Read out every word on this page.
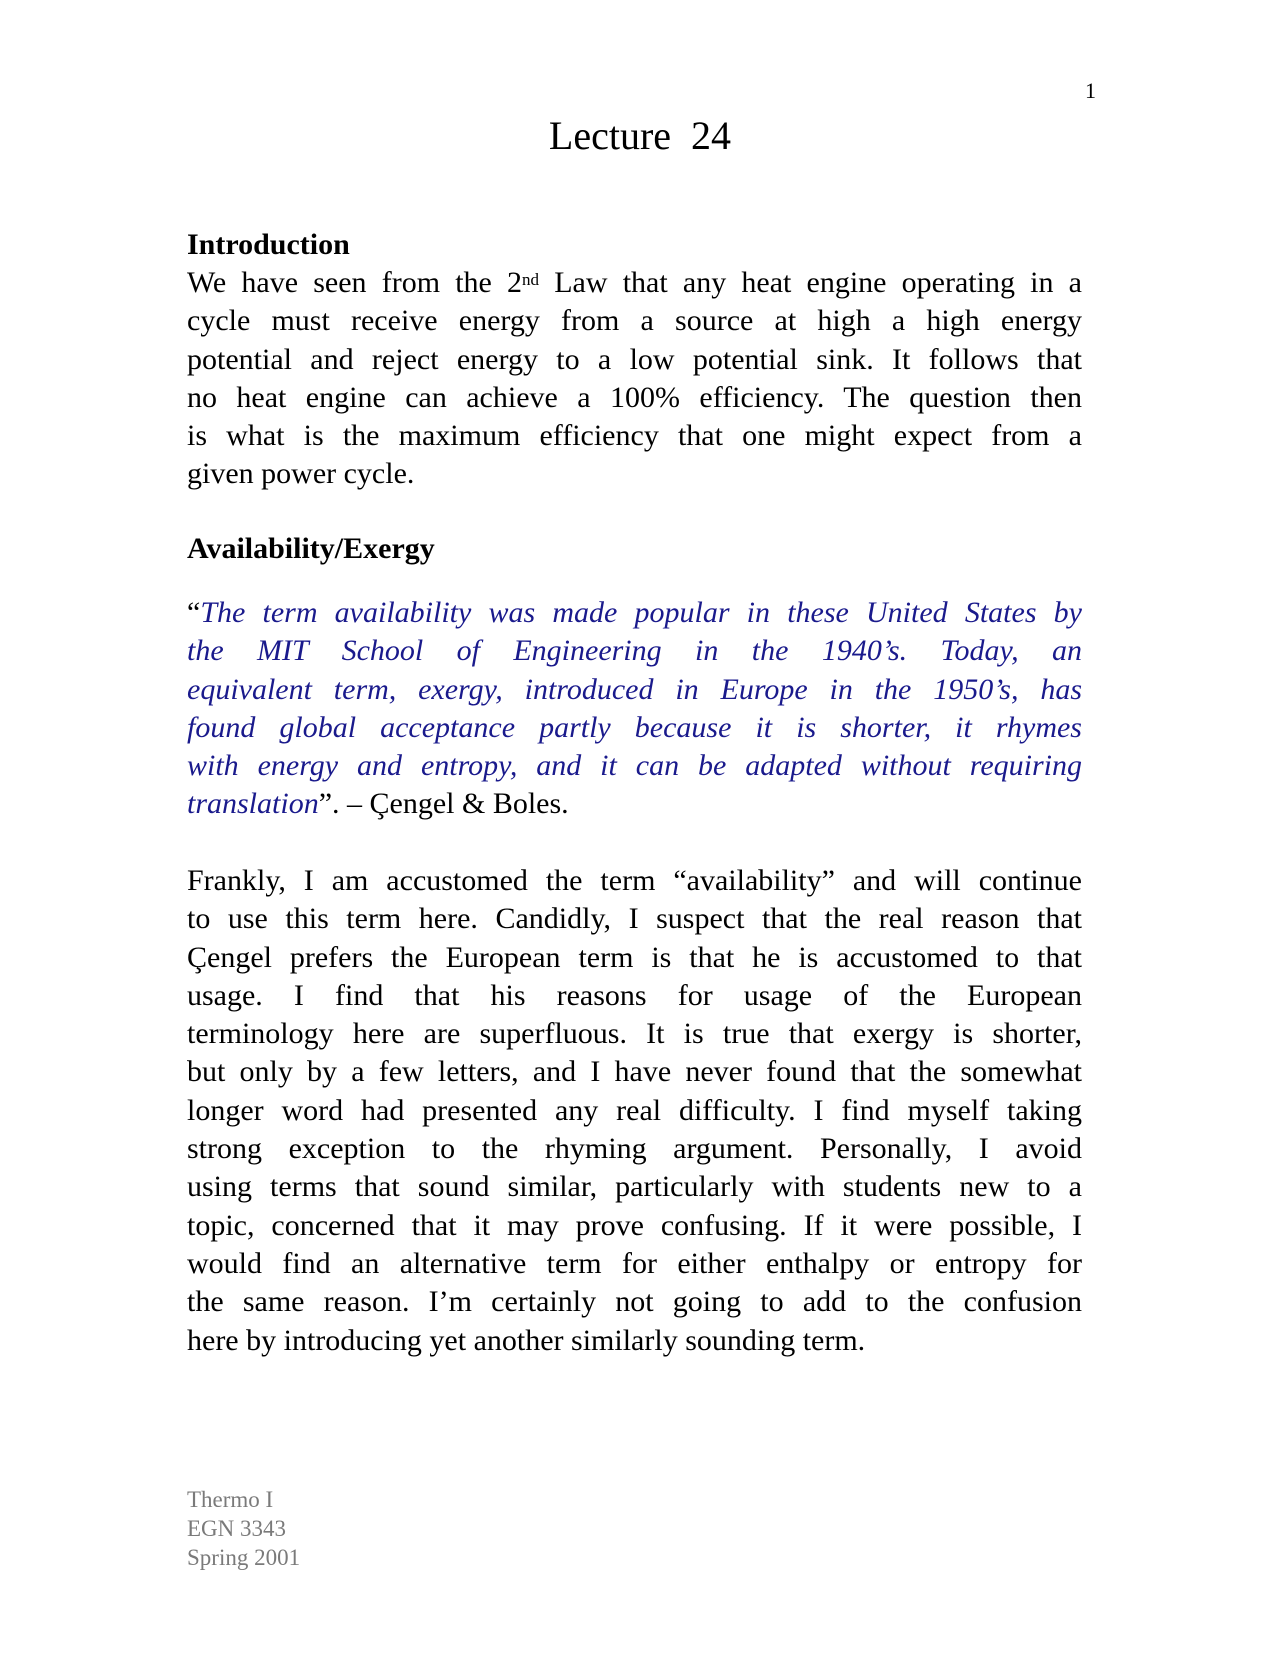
1
Lecture  24
Introduction
We have seen from the 2nd Law that any heat engine operating in a
cycle must receive energy from a source at high a high energy
potential and reject energy to a low potential sink. It follows that
no heat engine can achieve a 100% efficiency. The question then
is what is the maximum efficiency that one might expect from a
given power cycle.
Availability/Exergy
“The term availability was made popular in these United States by
the MIT School of Engineering in the 1940’s. Today, an
equivalent term, exergy, introduced in Europe in the 1950’s, has
found global acceptance partly because it is shorter, it rhymes
with energy and entropy, and it can be adapted without requiring
translation”. – Çengel & Boles.
Frankly, I am accustomed the term “availability” and will continue
to use this term here. Candidly, I suspect that the real reason that
Çengel prefers the European term is that he is accustomed to that
usage. I find that his reasons for usage of the European
terminology here are superfluous. It is true that exergy is shorter,
but only by a few letters, and I have never found that the somewhat
longer word had presented any real difficulty. I find myself taking
strong exception to the rhyming argument. Personally, I avoid
using terms that sound similar, particularly with students new to a
topic, concerned that it may prove confusing. If it were possible, I
would find an alternative term for either enthalpy or entropy for
the same reason. I’m certainly not going to add to the confusion
here by introducing yet another similarly sounding term.
Thermo I
EGN 3343
Spring 2001
